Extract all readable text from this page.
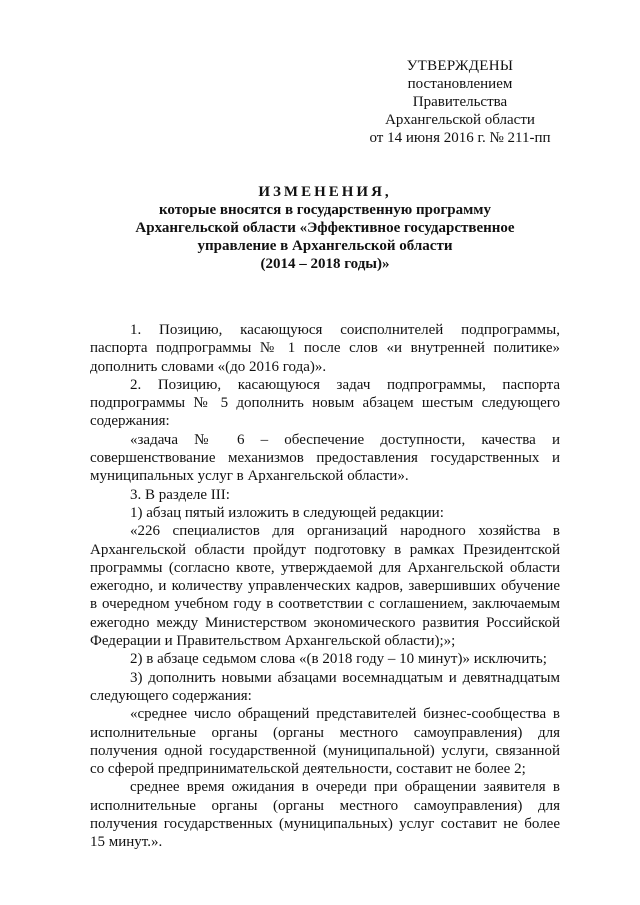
УТВЕРЖДЕНЫ
постановлением Правительства
Архангельской области
от 14 июня 2016 г. № 211-пп
ИЗМЕНЕНИЯ,
которые вносятся в государственную программу
Архангельской области «Эффективное государственное
управление в Архангельской области
(2014 – 2018 годы)»

1. Позицию, касающуюся соисполнителей подпрограммы, паспорта подпрограммы № 1 после слов «и внутренней политике» дополнить словами «(до 2016 года)».

2. Позицию, касающуюся задач подпрограммы, паспорта подпрограммы № 5 дополнить новым абзацем шестым следующего содержания:

«задача № 6 – обеспечение доступности, качества и совершенствование механизмов предоставления государственных и муниципальных услуг в Архангельской области».

3. В разделе III:

1) абзац пятый изложить в следующей редакции:

«226 специалистов для организаций народного хозяйства в Архангельской области пройдут подготовку в рамках Президентской программы (согласно квоте, утверждаемой для Архангельской области ежегодно, и количеству управленческих кадров, завершивших обучение в очередном учебном году в соответствии с соглашением, заключаемым ежегодно между Министерством экономического развития Российской Федерации и Правительством Архангельской области);»;

2) в абзаце седьмом слова «(в 2018 году – 10 минут)» исключить;

3) дополнить новыми абзацами восемнадцатым и девятнадцатым следующего содержания:

«среднее число обращений представителей бизнес-сообщества в исполнительные органы (органы местного самоуправления) для получения одной государственной (муниципальной) услуги, связанной со сферой предпринимательской деятельности, составит не более 2;

среднее время ожидания в очереди при обращении заявителя в исполнительные органы (органы местного самоуправления) для получения государственных (муниципальных) услуг составит не более 15 минут.».
